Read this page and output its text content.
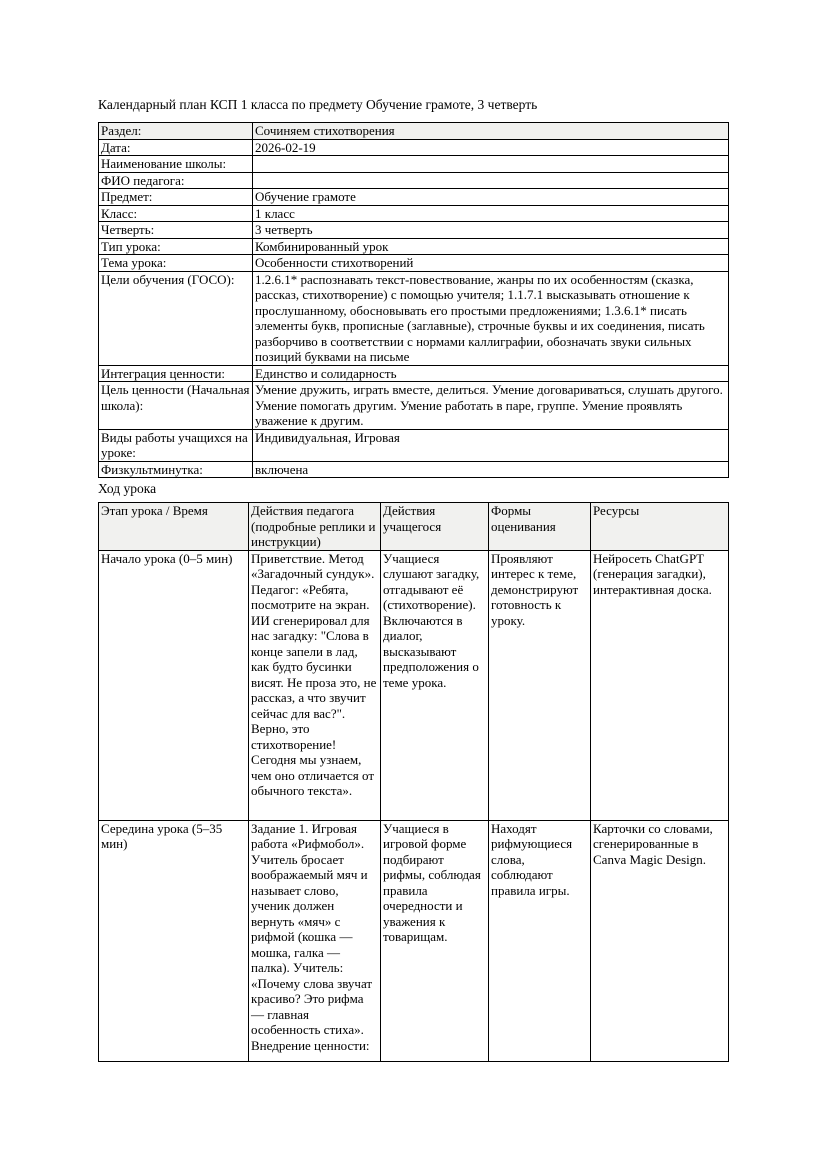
Календарный план КСП 1 класса по предмету Обучение грамоте, 3 четверть
Раздел:	Сочиняем стихотворения
Дата:	2026-02-19
Наименование школы:	
ФИО педагога:	
Предмет:	Обучение грамоте
Класс:	1 класс
Четверть:	3 четверть
Тип урока:	Комбинированный урок
Тема урока:	Особенности стихотворений
Цели обучения (ГОСО):	1.2.6.1* распознавать текст-повествование, жанры по их особенностям (сказка, рассказ, стихотворение) с помощью учителя; 1.1.7.1 высказывать отношение к прослушанному, обосновывать его простыми предложениями; 1.3.6.1* писать элементы букв, прописные (заглавные), строчные буквы и их соединения, писать разборчиво в соответствии с нормами каллиграфии, обозначать звуки сильных позиций буквами на письме
Интеграция ценности:	Единство и солидарность
Цель ценности (Начальная школа):	Умение дружить, играть вместе, делиться. Умение договариваться, слушать другого. Умение помогать другим. Умение работать в паре, группе. Умение проявлять уважение к другим.
Виды работы учащихся на уроке:	Индивидуальная, Игровая
Физкультминутка:	включена
Ход урока
Этап урока / Время	Действия педагога (подробные реплики и инструкции)	Действия учащегося	Формы оценивания	Ресурсы
Начало урока (0–5 мин)	Приветствие. Метод «Загадочный сундук». Педагог: «Ребята, посмотрите на экран. ИИ сгенерировал для нас загадку: "Слова в конце запели в лад, как будто бусинки висят. Не проза это, не рассказ, а что звучит сейчас для вас?". Верно, это стихотворение! Сегодня мы узнаем, чем оно отличается от обычного текста».	Учащиеся слушают загадку, отгадывают её (стихотворение). Включаются в диалог, высказывают предположения о теме урока.	Проявляют интерес к теме, демонстрируют готовность к уроку.	Нейросеть ChatGPT (генерация загадки), интерактивная доска.
Середина урока (5–35 мин)	Задание 1. Игровая работа «Рифмобол». Учитель бросает воображаемый мяч и называет слово, ученик должен вернуть «мяч» с рифмой (кошка — мошка, галка — палка). Учитель: «Почему слова звучат красиво? Это рифма — главная особенность стиха». Внедрение ценности:	Учащиеся в игровой форме подбирают рифмы, соблюдая правила очередности и уважения к товарищам.	Находят рифмующиеся слова, соблюдают правила игры.	Карточки со словами, сгенерированные в Canva Magic Design.
